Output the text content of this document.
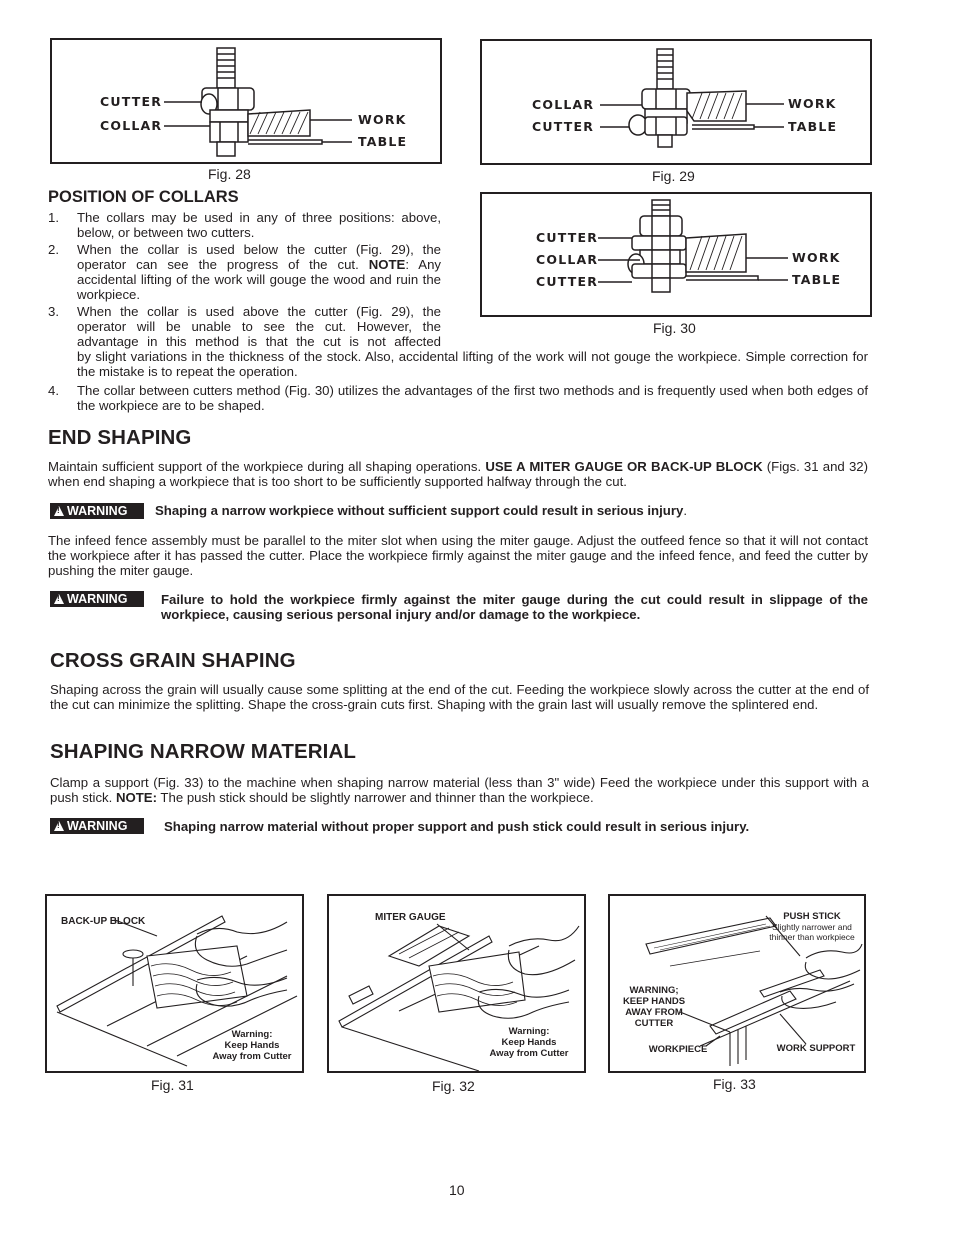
CUTTER
COLLAR	WORK
TABLE
Fig. 28
COLLAR
CUTTER
WORK
TABLE
Fig. 29
CUTTER
COLLAR
CUTTER
WORK
TABLE
Fig. 30
POSITION OF COLLARS
1. The collars may be used in any of three positions: above, below, or between two cutters.
2. When the collar is used below the cutter (Fig. 29), the operator can see the progress of the cut. NOTE: Any accidental lifting of the work will gouge the wood and ruin the workpiece.
3. When the collar is used above the cutter (Fig. 29), the
operator will be unable to see the cut. However, the
advantage in this method is that the cut is not affected
by slight variations in the thickness of the stock. Also, accidental lifting of the work will not gouge the workpiece. Simple correction for the mistake is to repeat the operation.
4. The collar between cutters method (Fig. 30) utilizes the advantages of the first two methods and is frequently used when both edges of the workpiece are to be shaped.
END SHAPING
Maintain sufficient support of the workpiece during all shaping operations. USE A MITER GAUGE OR BACK-UP BLOCK (Figs. 31 and 32) when end shaping a workpiece that is too short to be sufficiently supported halfway through the cut.
!WARNING	Shaping a narrow workpiece without sufficient support could result in serious injury.
The infeed fence assembly must be parallel to the miter slot when using the miter gauge. Adjust the outfeed fence so that it will not contact the workpiece after it has passed the cutter. Place the workpiece firmly against the miter gauge and the infeed fence, and feed the cutter by pushing the miter gauge.
!WARNING	Failure to hold the workpiece firmly against the miter gauge during the cut could result in slippage of the workpiece, causing serious personal injury and/or damage to the workpiece.
CROSS GRAIN SHAPING
Shaping across the grain will usually cause some splitting at the end of the cut. Feeding the workpiece slowly across the cutter at the end of the cut can minimize the splitting. Shape the cross-grain cuts first. Shaping with the grain last will usually remove the splintered end.
SHAPING NARROW MATERIAL
Clamp a support (Fig. 33) to the machine when shaping narrow material (less than 3" wide) Feed the workpiece under this support with a push stick. NOTE: The push stick should be slightly narrower and thinner than the workpiece.
!WARNING	Shaping narrow material without proper support and push stick could result in serious injury.
BACK-UP BLOCK
Warning:
Keep Hands
Away from Cutter
Fig. 31
MITER GAUGE
Warning:
Keep Hands
Away from Cutter
Fig. 32
PUSH STICK
Slightly narrower and
thinner than workpiece
WARNING;
KEEP HANDS
AWAY FROM
CUTTER
WORKPIECE	WORK SUPPORT
Fig. 33
10
